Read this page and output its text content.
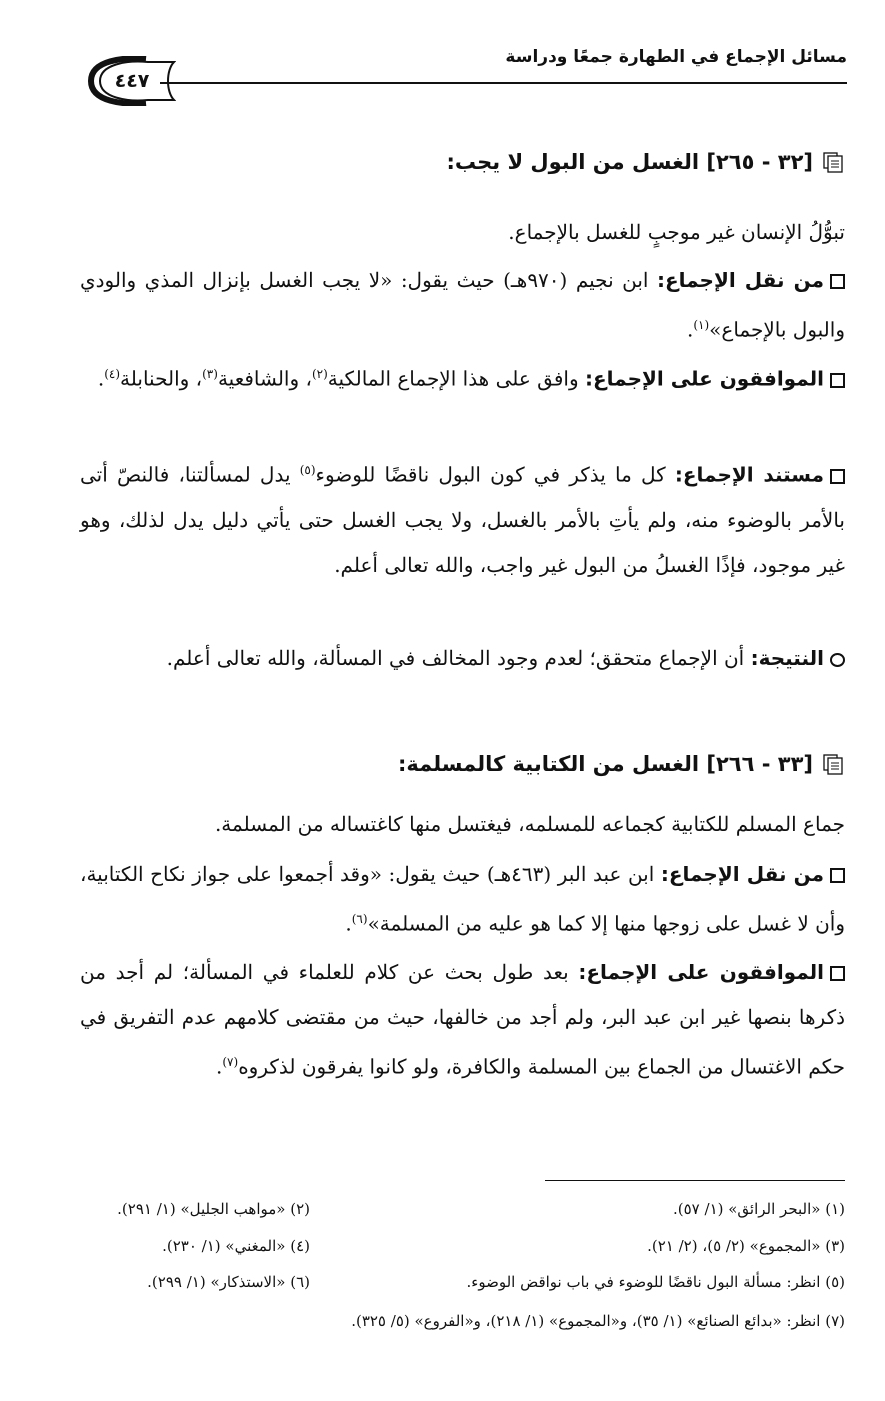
مسائل الإجماع في الطهارة جمعًا ودراسة
٤٤٧
[٣٢ - ٢٦٥] الغسل من البول لا يجب:
تبوُّلُ الإنسان غير موجبٍ للغسل بالإجماع.
من نقل الإجماع: ابن نجيم (٩٧٠هـ) حيث يقول: «لا يجب الغسل بإنزال المذي والودي والبول بالإجماع»$^{(١)}$.
الموافقون على الإجماع: وافق على هذا الإجماع المالكية$^{(٢)}$، والشافعية$^{(٣)}$، والحنابلة$^{(٤)}$.
مستند الإجماع: كل ما يذكر في كون البول ناقضًا للوضوء$^{(٥)}$ يدل لمسألتنا، فالنصّ أتى بالأمر بالوضوء منه، ولم يأتِ بالأمر بالغسل، ولا يجب الغسل حتى يأتي دليل يدل لذلك، وهو غير موجود، فإذًا الغسلُ من البول غير واجب، والله تعالى أعلم.
النتيجة: أن الإجماع متحقق؛ لعدم وجود المخالف في المسألة، والله تعالى أعلم.
[٣٣ - ٢٦٦] الغسل من الكتابية كالمسلمة:
جماع المسلم للكتابية كجماعه للمسلمه، فيغتسل منها كاغتساله من المسلمة.
من نقل الإجماع: ابن عبد البر (٤٦٣هـ) حيث يقول: «وقد أجمعوا على جواز نكاح الكتابية، وأن لا غسل على زوجها منها إلا كما هو عليه من المسلمة»$^{(٦)}$.
الموافقون على الإجماع: بعد طول بحث عن كلام للعلماء في المسألة؛ لم أجد من ذكرها بنصها غير ابن عبد البر، ولم أجد من خالفها، حيث من مقتضى كلامهم عدم التفريق في حكم الاغتسال من الجماع بين المسلمة والكافرة، ولو كانوا يفرقون لذكروه$^{(٧)}$.
(١) «البحر الرائق» (١/ ٥٧).
(٢) «مواهب الجليل» (١/ ٢٩١).
(٣) «المجموع» (٢/ ٥)، (٢/ ٢١).
(٤) «المغني» (١/ ٢٣٠).
(٥) انظر: مسألة البول ناقضًا للوضوء في باب نواقض الوضوء.
(٦) «الاستذكار» (١/ ٢٩٩).
(٧) انظر: «بدائع الصنائع» (١/ ٣٥)، و«المجموع» (١/ ٢١٨)، و«الفروع» (٥/ ٣٢٥).
